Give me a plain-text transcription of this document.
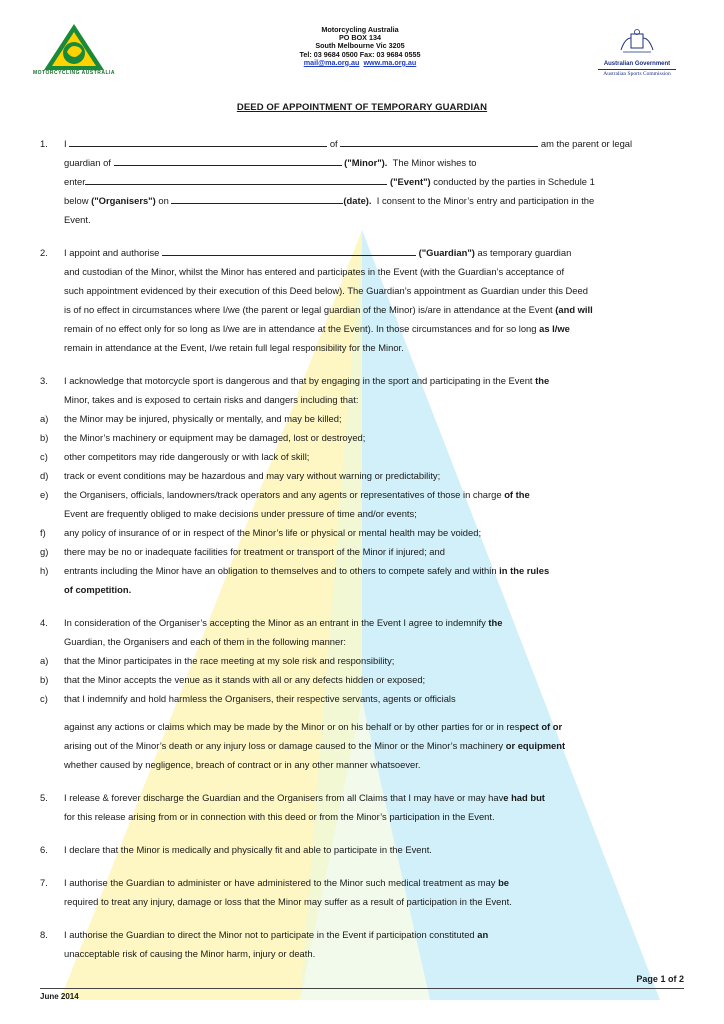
MOTORCYCLING AUSTRALIA
Motorcycling Australia
PO BOX 134
South Melbourne Vic 3205
Tel: 03 9684 0500 Fax: 03 9684 0555
mail@ma.org.au www.ma.org.au	Australian Government
Australian Sports Commission
DEED OF APPOINTMENT OF TEMPORARY GUARDIAN
1. I	of	am the parent or legal
guardian of	("Minor"). The Minor wishes to
enter	("Event") conducted by the parties in Schedule 1
below ("Organisers") on	(date). I consent to the Minor’s entry and participation in the
Event.
2. I appoint and authorise	("Guardian") as temporary guardian
and custodian of the Minor, whilst the Minor has entered and participates in the Event (with the Guardian’s acceptance of
such appointment evidenced by their execution of this Deed below). The Guardian’s appointment as Guardian under this Deed
is of no effect in circumstances where I/we (the parent or legal guardian of the Minor) is/are in attendance at the Event (and will
remain of no effect only for so long as I/we are in attendance at the Event). In those circumstances and for so long as I/we
remain in attendance at the Event, I/we retain full legal responsibility for the Minor.
3. I acknowledge that motorcycle sport is dangerous and that by engaging in the sport and participating in the Event the
Minor, takes and is exposed to certain risks and dangers including that:
a) the Minor may be injured, physically or mentally, and may be killed;
b) the Minor’s machinery or equipment may be damaged, lost or destroyed;
c) other competitors may ride dangerously or with lack of skill;
d) track or event conditions may be hazardous and may vary without warning or predictability;
e) the Organisers, officials, landowners/track operators and any agents or representatives of those in charge of the
Event are frequently obliged to make decisions under pressure of time and/or events;
f) any policy of insurance of or in respect of the Minor’s life or physical or mental health may be voided;
g) there may be no or inadequate facilities for treatment or transport of the Minor if injured; and
h) entrants including the Minor have an obligation to themselves and to others to compete safely and within in the rules
of competition.
4. In consideration of the Organiser’s accepting the Minor as an entrant in the Event I agree to indemnify the
Guardian, the Organisers and each of them in the following manner:
a) that the Minor participates in the race meeting at my sole risk and responsibility;
b) that the Minor accepts the venue as it stands with all or any defects hidden or exposed;
c) that I indemnify and hold harmless the Organisers, their respective servants, agents or officials
against any actions or claims which may be made by the Minor or on his behalf or by other parties for or in respect of or
arising out of the Minor’s death or any injury loss or damage caused to the Minor or the Minor’s machinery or equipment
whether caused by negligence, breach of contract or in any other manner whatsoever.
5. I release & forever discharge the Guardian and the Organisers from all Claims that I may have or may have had but
for this release arising from or in connection with this deed or from the Minor’s participation in the Event.
6. I declare that the Minor is medically and physically fit and able to participate in the Event.
7. I authorise the Guardian to administer or have administered to the Minor such medical treatment as may be
required to treat any injury, damage or loss that the Minor may suffer as a result of participation in the Event.
8. I authorise the Guardian to direct the Minor not to participate in the Event if participation constituted an
unacceptable risk of causing the Minor harm, injury or death.
Page 1 of 2
June 2014
